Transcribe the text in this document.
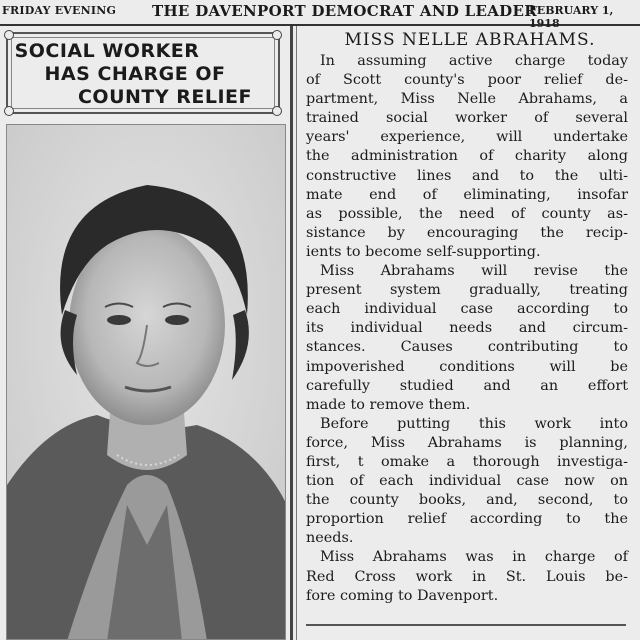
FRIDAY EVENING THE DAVENPORT DEMOCRAT AND LEADER
FEBRUARY 1, 1918
SOCIAL WORKER
HAS CHARGE OF
COUNTY RELIEF
MISS NELLE ABRAHAMS.
In assuming active charge today
of Scott county's poor relief de-
partment, Miss Nelle Abrahams, a
trained social worker of several
years' experience, will undertake
the administration of charity along
constructive lines and to the ulti-
mate end of eliminating, insofar
as possible, the need of county as-
sistance by encouraging the recip-
ients to become self-supporting.
Miss Abrahams will revise the
present system gradually, treating
each individual case according to
its individual needs and circum-
stances. Causes contributing to
impoverished conditions will be
carefully studied and an effort
made to remove them.
Before putting this work into
force, Miss Abrahams is planning,
first, t omake a thorough investiga-
tion of each individual case now on
the county books, and, second, to
proportion relief according to the
needs.
Miss Abrahams was in charge of
Red Cross work in St. Louis be-
fore coming to Davenport.
